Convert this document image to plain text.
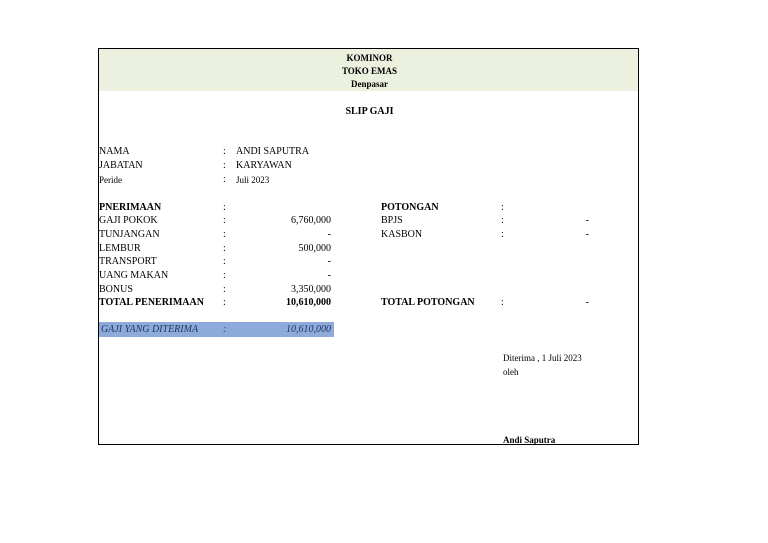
KOMINOR
TOKO EMAS
Denpasar
SLIP GAJI
NAMA	: ANDI SAPUTRA
JABATAN	: KARYAWAN
Peride	: Juli 2023
PNERIMAAN	:
GAJI POKOK	:	6,760,000
TUNJANGAN	:	-
LEMBUR	:	500,000
TRANSPORT	:	-
UANG MAKAN	:	-
BONUS	:	3,350,000
TOTAL PENERIMAAN :	10,610,000
POTONGAN	:
BPJS	:	-
KASBON	:	-
TOTAL POTONGAN	:	-
GAJI YANG DITERIMA :	10,610,000
Diterima , 1 Juli 2023
oleh
Andi Saputra
